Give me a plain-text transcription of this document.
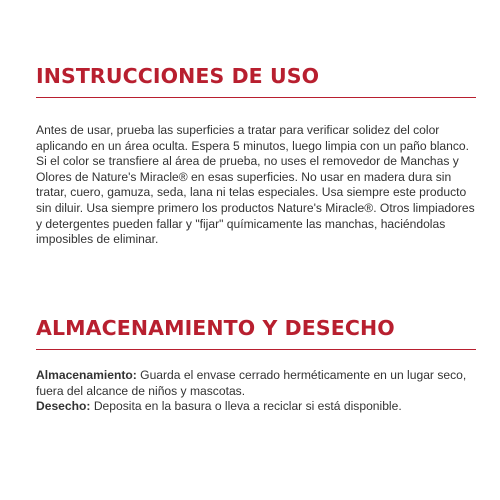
INSTRUCCIONES DE USO

Antes de usar, prueba las superficies a tratar para verificar solidez del color aplicando en un área oculta. Espera 5 minutos, luego limpia con un paño blanco. Si el color se transfiere al área de prueba, no uses el removedor de Manchas y Olores de Nature's Miracle® en esas superficies. No usar en madera dura sin tratar, cuero, gamuza, seda, lana ni telas especiales. Usa siempre este producto sin diluir. Usa siempre primero los productos Nature's Miracle®. Otros limpiadores y detergentes pueden fallar y "fijar" químicamente las manchas, haciéndolas imposibles de eliminar.

ALMACENAMIENTO Y DESECHO

Almacenamiento: Guarda el envase cerrado herméticamente en un lugar seco, fuera del alcance de niños y mascotas.
Desecho: Deposita en la basura o lleva a reciclar si está disponible.
